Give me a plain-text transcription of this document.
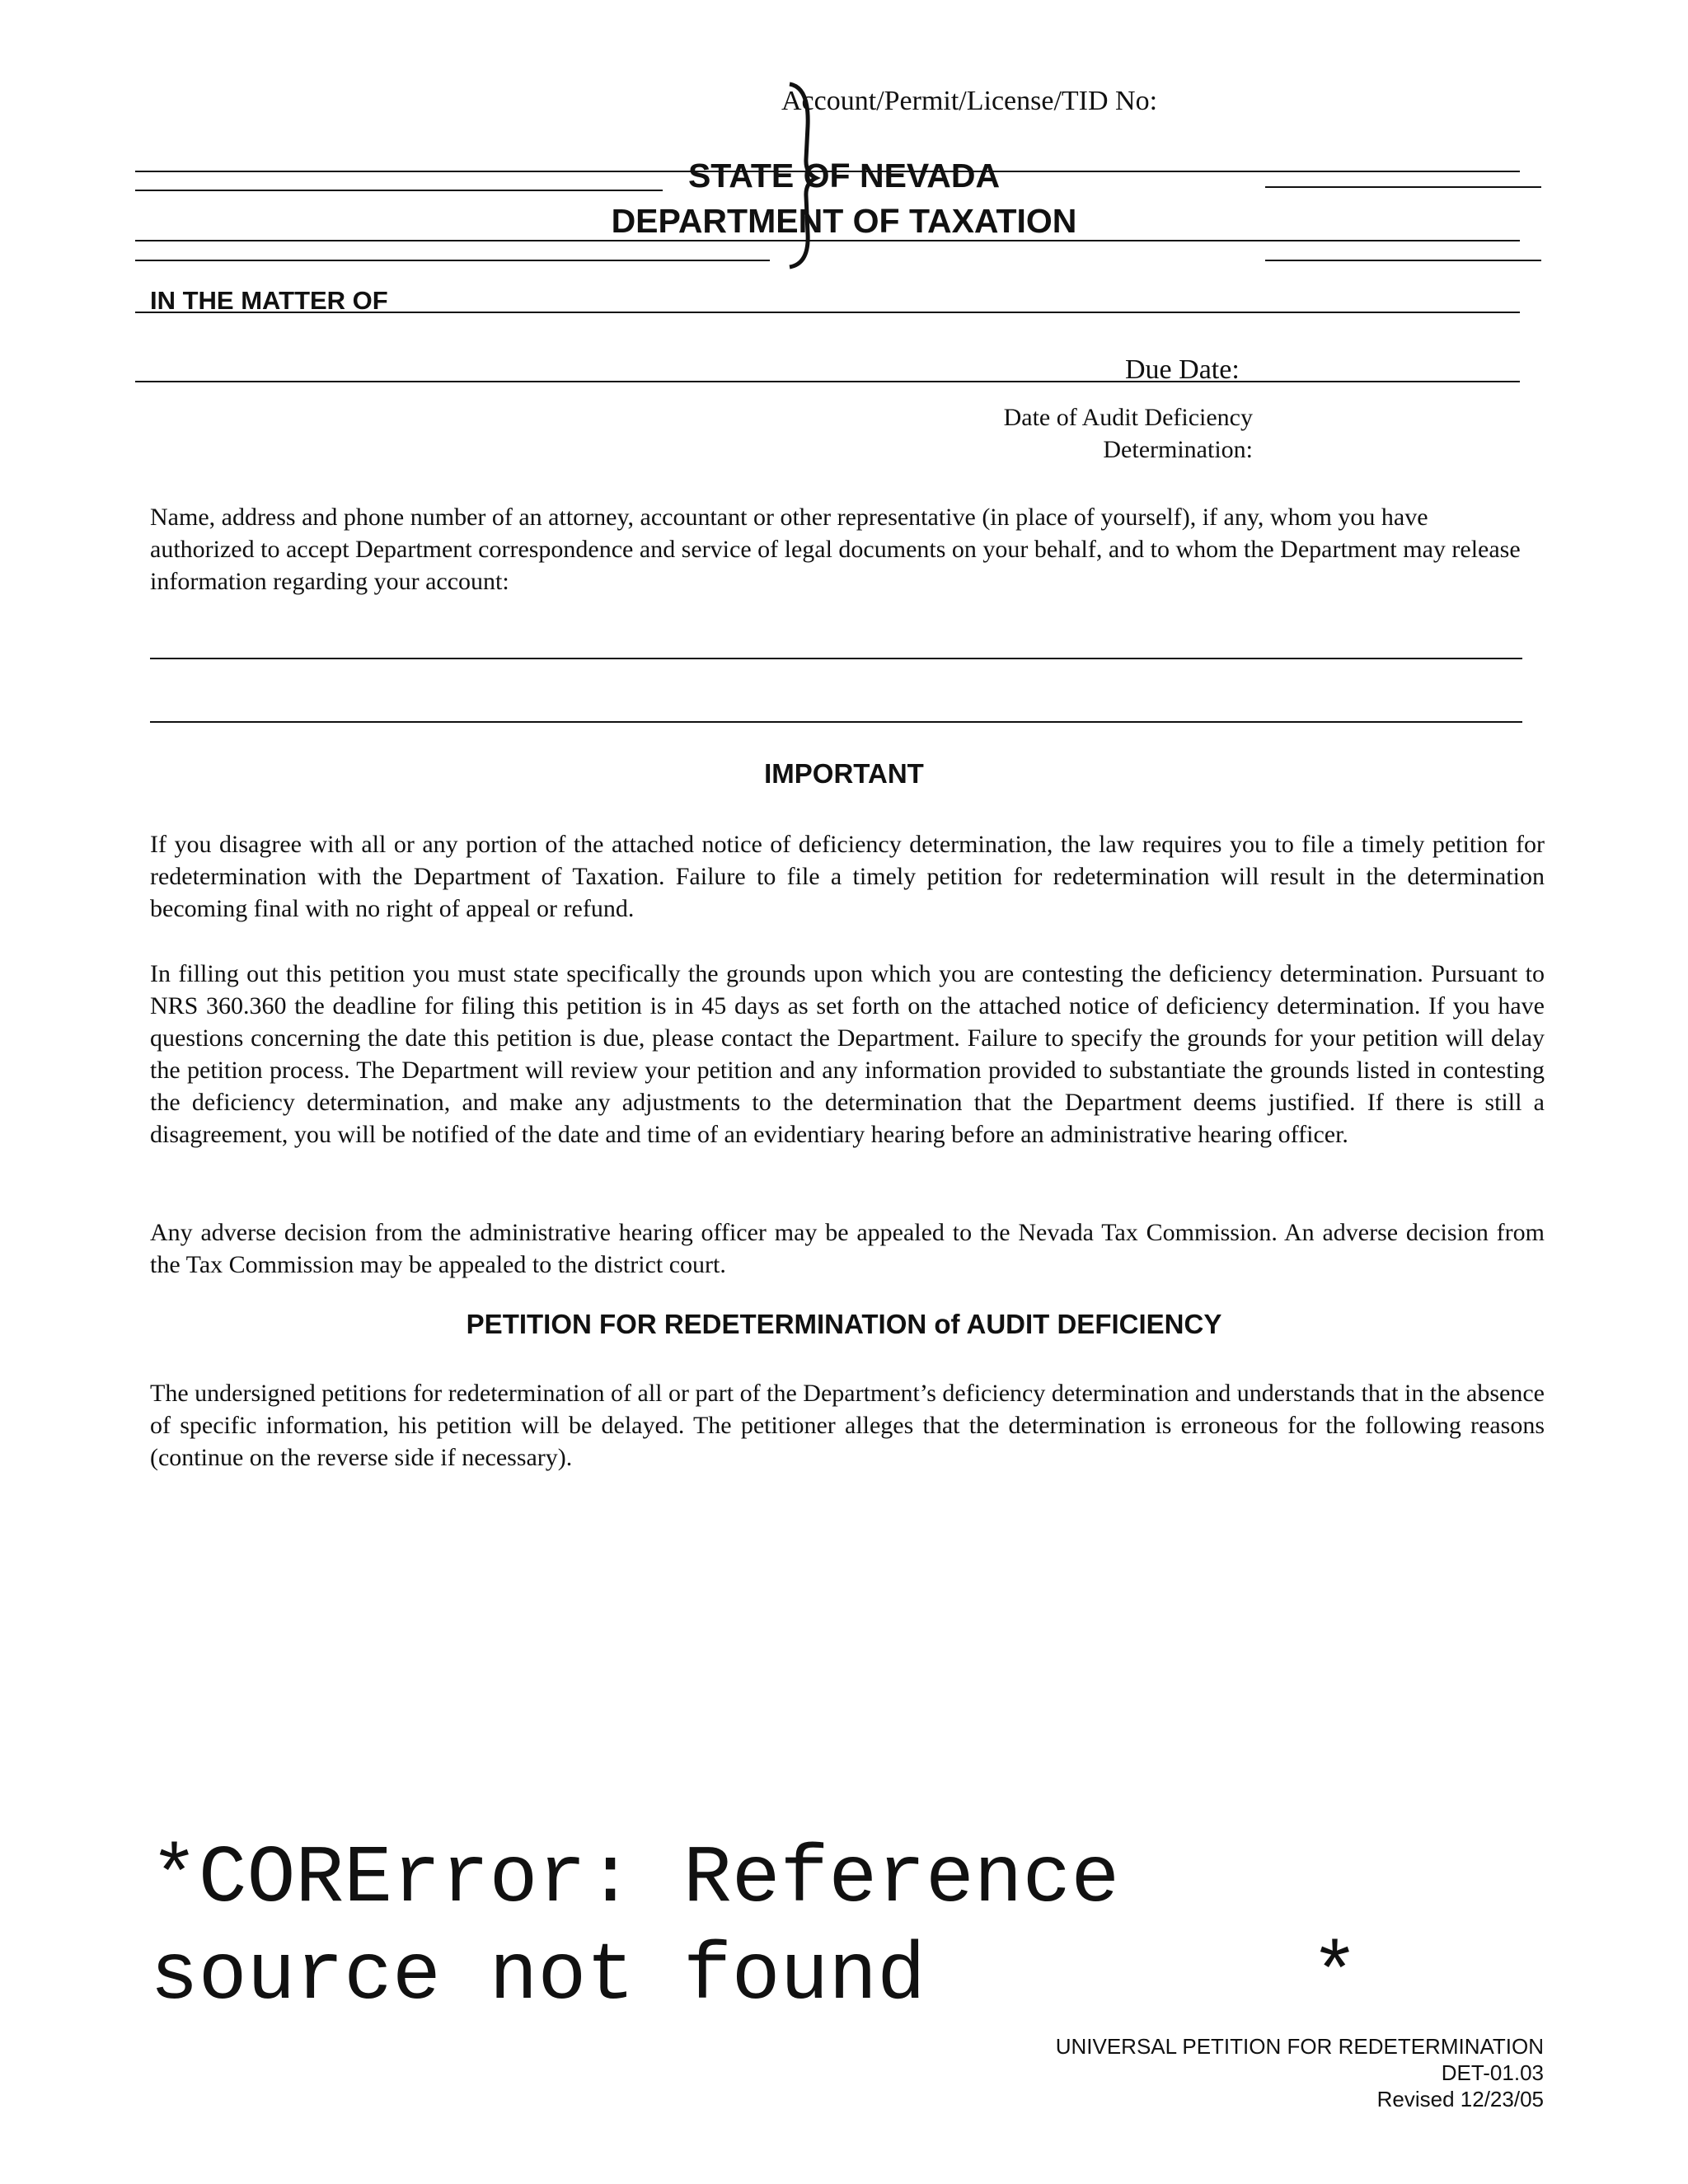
Account/Permit/License/TID No:
STATE OF NEVADA
DEPARTMENT OF TAXATION
IN THE MATTER OF
Due Date:
Date of Audit Deficiency
Determination:

Name, address and phone number of an attorney, accountant or other representative (in place of yourself), if any, whom you have authorized to accept Department correspondence and service of legal documents on your behalf, and to whom the Department may release information regarding your account:

IMPORTANT

If you disagree with all or any portion of the attached notice of deficiency determination, the law requires you to file a timely petition for redetermination with the Department of Taxation. Failure to file a timely petition for redetermination will result in the determination becoming final with no right of appeal or refund.

In filling out this petition you must state specifically the grounds upon which you are contesting the deficiency determination. Pursuant to NRS 360.360 the deadline for filing this petition is in 45 days as set forth on the attached notice of deficiency determination. If you have questions concerning the date this petition is due, please contact the Department. Failure to specify the grounds for your petition will delay the petition process. The Department will review your petition and any information provided to substantiate the grounds listed in contesting the deficiency determination, and make any adjustments to the determination that the Department deems justified. If there is still a disagreement, you will be notified of the date and time of an evidentiary hearing before an administrative hearing officer.

Any adverse decision from the administrative hearing officer may be appealed to the Nevada Tax Commission. An adverse decision from the Tax Commission may be appealed to the district court.

PETITION FOR REDETERMINATION of AUDIT DEFICIENCY

The undersigned petitions for redetermination of all or part of the Department’s deficiency determination and understands that in the absence of specific information, his petition will be delayed. The petitioner alleges that the determination is erroneous for the following reasons (continue on the reverse side if necessary).

*CORError: Reference
source not found	*
UNIVERSAL PETITION FOR REDETERMINATION
DET-01.03
Revised 12/23/05
